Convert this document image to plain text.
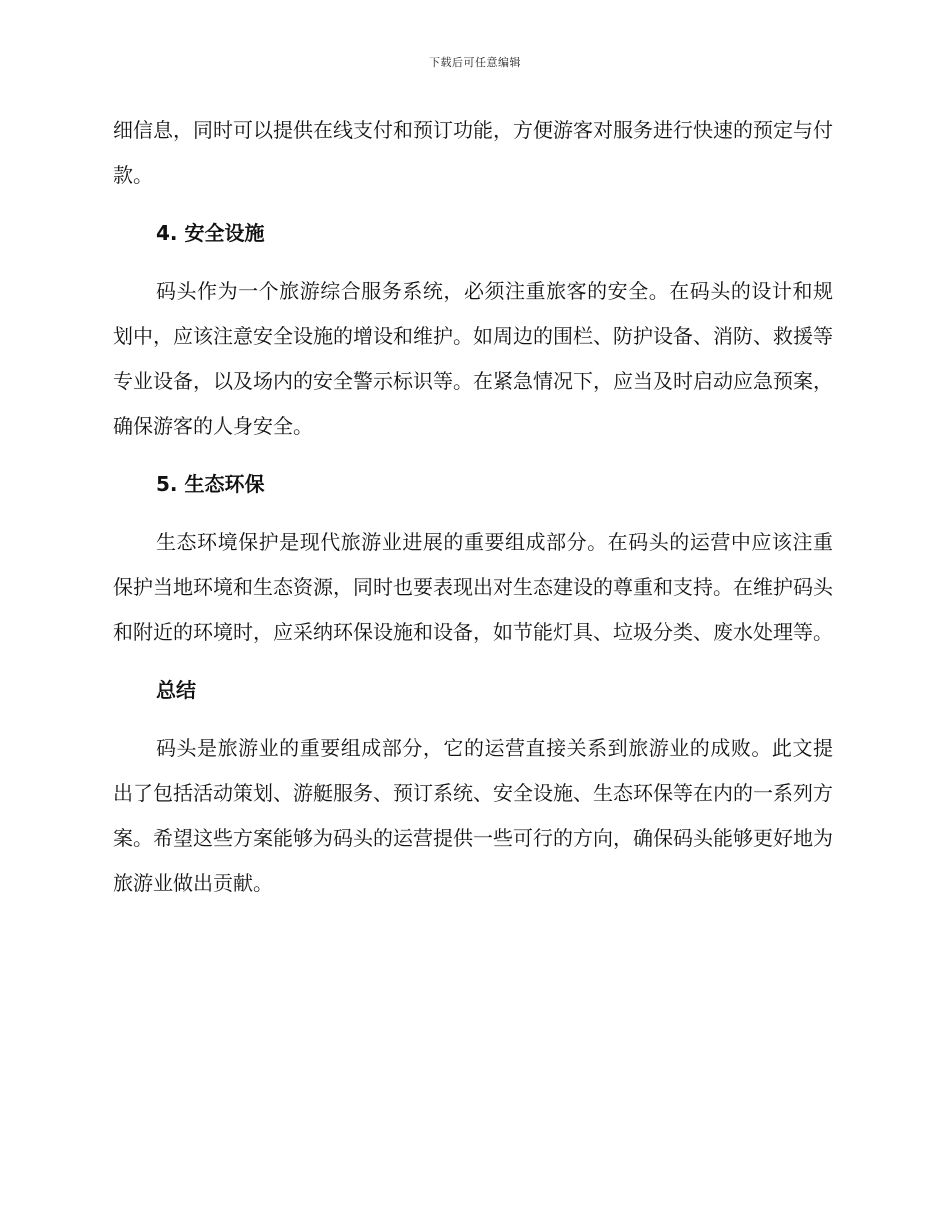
下载后可任意编辑

细信息，同时可以提供在线支付和预订功能，方便游客对服务进行快速的预定与付款。

4. 安全设施

码头作为一个旅游综合服务系统，必须注重旅客的安全。在码头的设计和规划中，应该注意安全设施的增设和维护。如周边的围栏、防护设备、消防、救援等专业设备，以及场内的安全警示标识等。在紧急情况下，应当及时启动应急预案，确保游客的人身安全。

5. 生态环保

生态环境保护是现代旅游业进展的重要组成部分。在码头的运营中应该注重保护当地环境和生态资源，同时也要表现出对生态建设的尊重和支持。在维护码头和附近的环境时，应采纳环保设施和设备，如节能灯具、垃圾分类、废水处理等。

总结

码头是旅游业的重要组成部分，它的运营直接关系到旅游业的成败。此文提出了包括活动策划、游艇服务、预订系统、安全设施、生态环保等在内的一系列方案。希望这些方案能够为码头的运营提供一些可行的方向，确保码头能够更好地为旅游业做出贡献。
